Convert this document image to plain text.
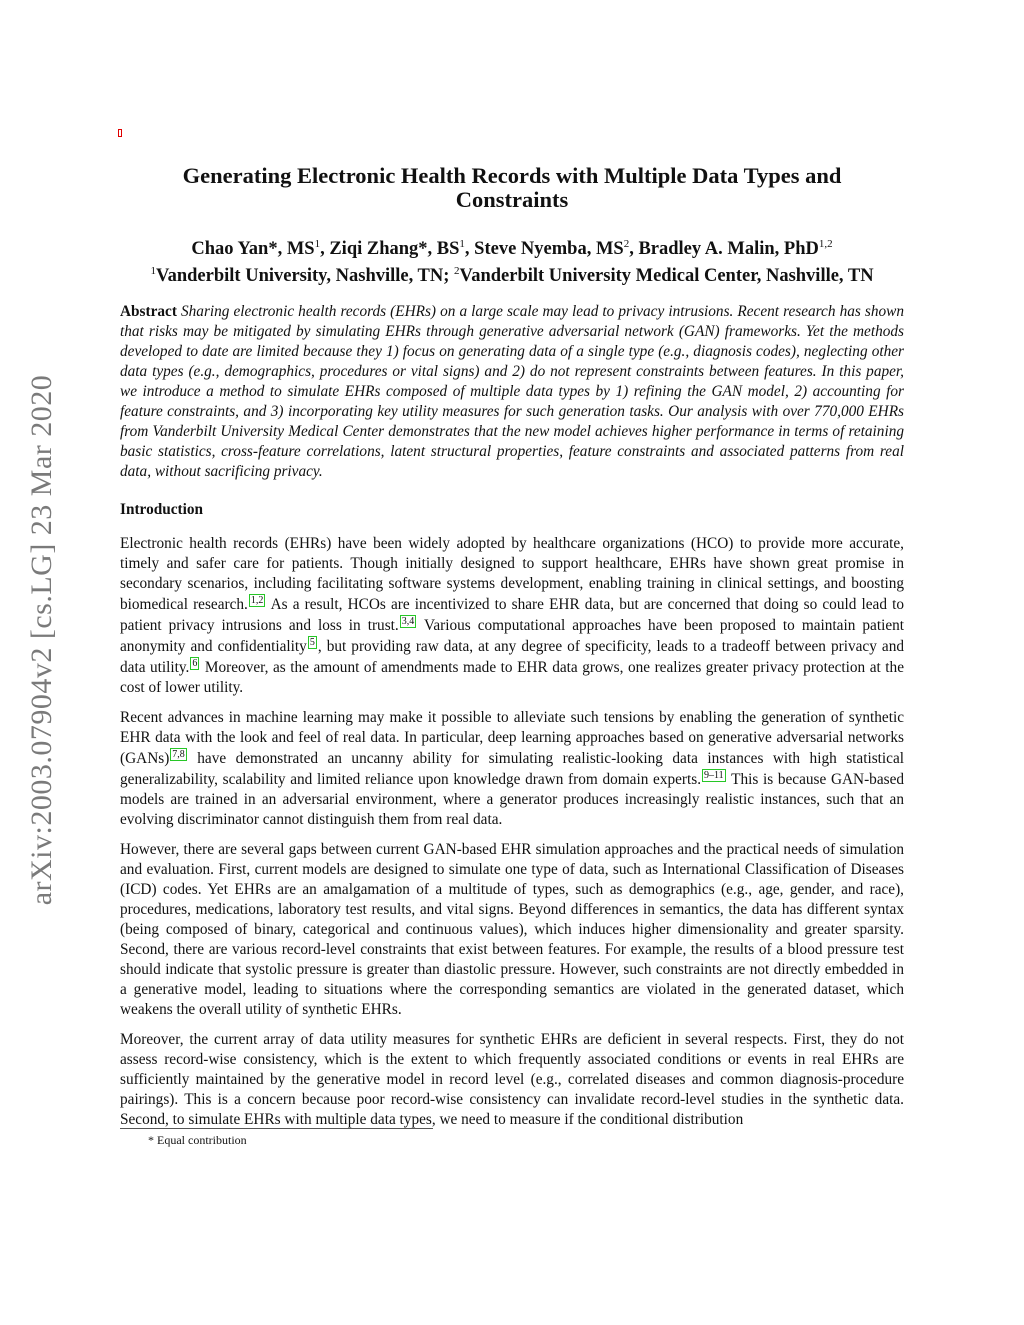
arXiv:2003.07904v2 [cs.LG] 23 Mar 2020
Generating Electronic Health Records with Multiple Data Types and
Constraints
Chao Yan*, $MS^1$, Ziqi Zhang*, $BS^1$, Steve Nyemba, $MS^2$, Bradley A. Malin, PhD$^{1,2}$
$^1$Vanderbilt University, Nashville, TN; $^2$Vanderbilt University Medical Center, Nashville, TN

Abstract Sharing electronic health records (EHRs) on a large scale may lead to privacy intrusions. Recent research has shown that risks may be mitigated by simulating EHRs through generative adversarial network (GAN) frameworks. Yet the methods developed to date are limited because they 1) focus on generating data of a single type (e.g., diagnosis codes), neglecting other data types (e.g., demographics, procedures or vital signs) and 2) do not represent constraints between features. In this paper, we introduce a method to simulate EHRs composed of multiple data types by 1) refining the GAN model, 2) accounting for feature constraints, and 3) incorporating key utility measures for such generation tasks. Our analysis with over 770,000 EHRs from Vanderbilt University Medical Center demonstrates that the new model achieves higher performance in terms of retaining basic statistics, cross-feature correlations, latent structural properties, feature constraints and associated patterns from real data, without sacrificing privacy.

Introduction

Electronic health records (EHRs) have been widely adopted by healthcare organizations (HCO) to provide more accurate, timely and safer care for patients. Though initially designed to support healthcare, EHRs have shown great promise in secondary scenarios, including facilitating software systems development, enabling training in clinical settings, and boosting biomedical research. 1,2 As a result, HCOs are incentivized to share EHR data, but are concerned that doing so could lead to patient privacy intrusions and loss in trust. 3,4 Various computational approaches have been proposed to maintain patient anonymity and confidentiality 5 , but providing raw data, at any degree of specificity, leads to a tradeoff between privacy and data utility. 6 Moreover, as the amount of amendments made to EHR data grows, one realizes greater privacy protection at the cost of lower utility.

Recent advances in machine learning may make it possible to alleviate such tensions by enabling the generation of synthetic EHR data with the look and feel of real data. In particular, deep learning approaches based on generative adversarial networks (GANs) 7,8 have demonstrated an uncanny ability for simulating realistic-looking data instances with high statistical generalizability, scalability and limited reliance upon knowledge drawn from domain experts. 9–11 This is because GAN-based models are trained in an adversarial environment, where a generator produces increasingly realistic instances, such that an evolving discriminator cannot distinguish them from real data.

However, there are several gaps between current GAN-based EHR simulation approaches and the practical needs of simulation and evaluation. First, current models are designed to simulate one type of data, such as International Classification of Diseases (ICD) codes. Yet EHRs are an amalgamation of a multitude of types, such as demographics (e.g., age, gender, and race), procedures, medications, laboratory test results, and vital signs. Beyond differences in semantics, the data has different syntax (being composed of binary, categorical and continuous values), which induces higher dimensionality and greater sparsity. Second, there are various record-level constraints that exist between features. For example, the results of a blood pressure test should indicate that systolic pressure is greater than diastolic pressure. However, such constraints are not directly embedded in a generative model, leading to situations where the corresponding semantics are violated in the generated dataset, which weakens the overall utility of synthetic EHRs.

Moreover, the current array of data utility measures for synthetic EHRs are deficient in several respects. First, they do not assess record-wise consistency, which is the extent to which frequently associated conditions or events in real EHRs are sufficiently maintained by the generative model in record level (e.g., correlated diseases and common diagnosis-procedure pairings). This is a concern because poor record-wise consistency can invalidate record-level studies in the synthetic data. Second, to simulate EHRs with multiple data types, we need to measure if the conditional distribution

* Equal contribution
